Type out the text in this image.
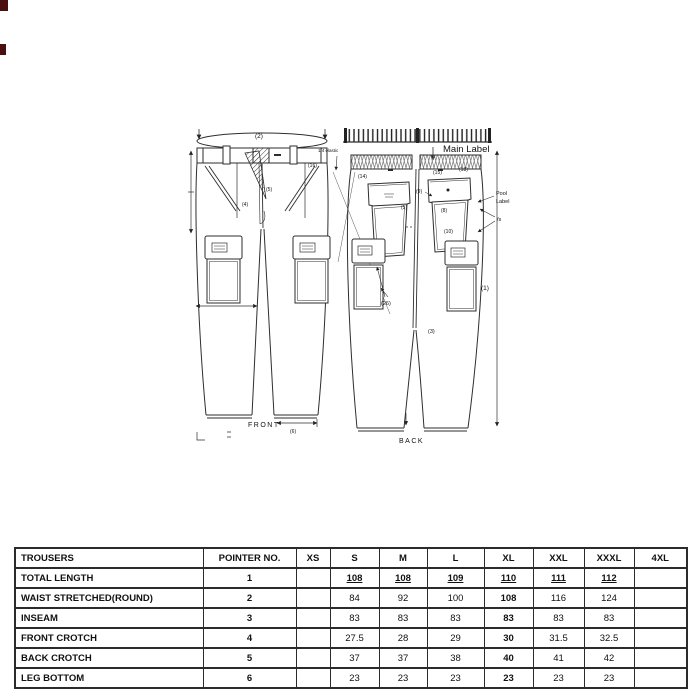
(2)
(16)
(5)
(4)
(6)
FRONT
Main Label
1/4 elastic
(5)
(14)
(15)	(18)
(9)
(8)
(10)
Pool
Label
/s
(26)
(3)
(1)
BACK
TROUSERS	POINTER NO.	XS	S	M	L	XL	XXL	XXXL	4XL
TOTAL LENGTH	1		108	108	109	110	111	112	
WAIST STRETCHED(ROUND)	2		84	92	100	108	116	124	
INSEAM	3		83	83	83	83	83	83	
FRONT CROTCH	4		27.5	28	29	30	31.5	32.5	
BACK CROTCH	5		37	37	38	40	41	42	
LEG BOTTOM	6		23	23	23	23	23	23	
